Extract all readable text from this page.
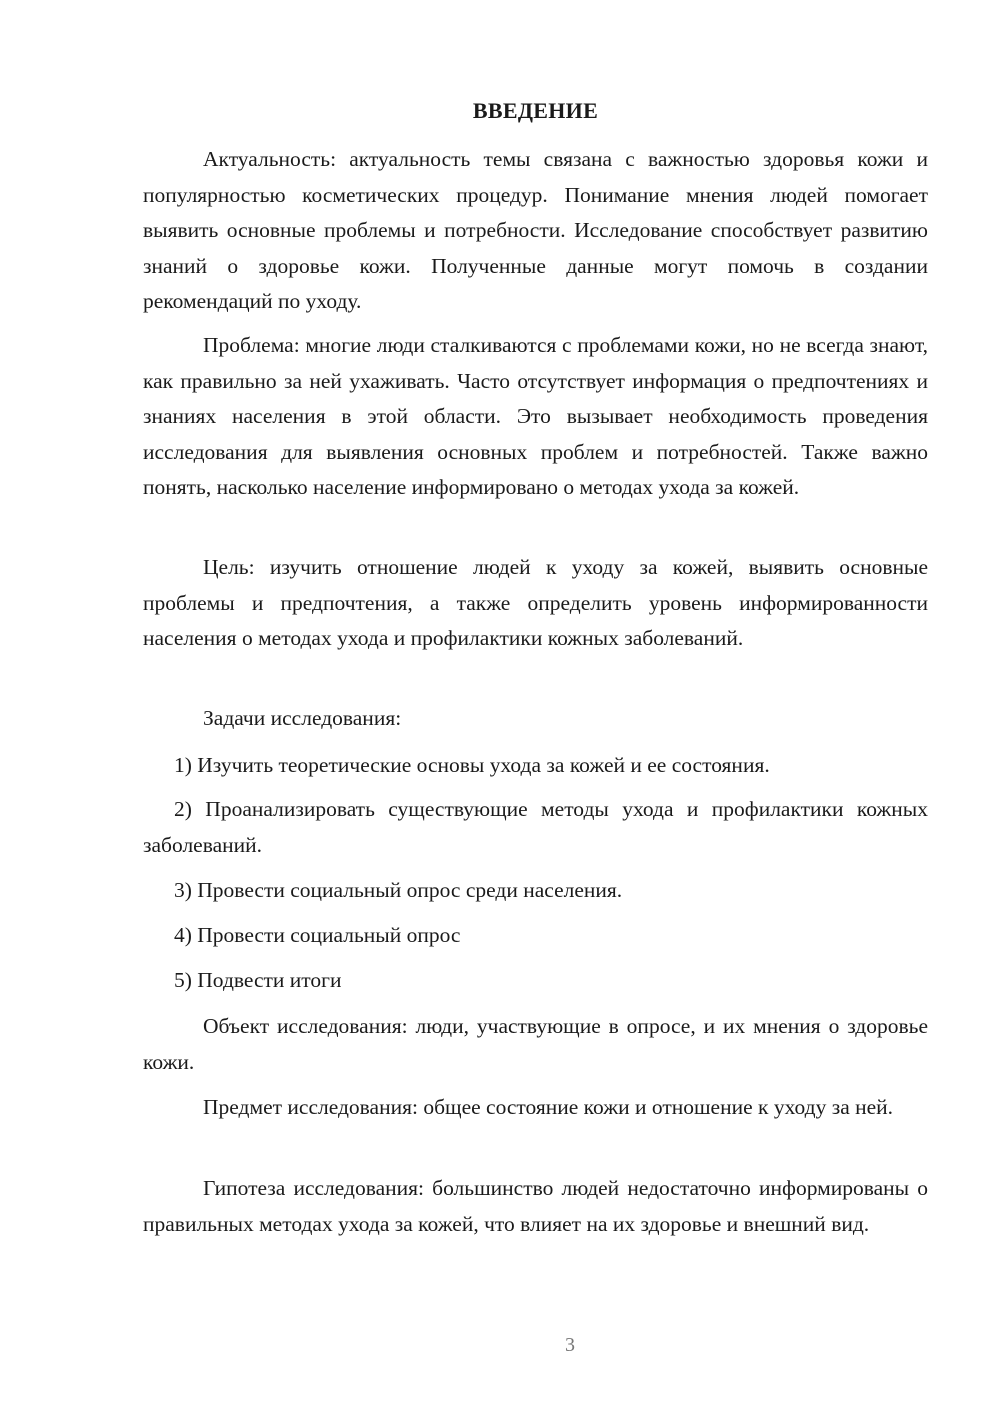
ВВЕДЕНИЕ

Актуальность: актуальность темы связана с важностью здоровья кожи и популярностью косметических процедур. Понимание мнения людей помогает выявить основные проблемы и потребности. Исследование способствует развитию знаний о здоровье кожи. Полученные данные могут помочь в создании рекомендаций по уходу.

Проблема: многие люди сталкиваются с проблемами кожи, но не всегда знают, как правильно за ней ухаживать. Часто отсутствует информация о предпочтениях и знаниях населения в этой области. Это вызывает необходимость проведения исследования для выявления основных проблем и потребностей. Также важно понять, насколько население информировано о методах ухода за кожей.

Цель: изучить отношение людей к уходу за кожей, выявить основные проблемы и предпочтения, а также определить уровень информированности населения о методах ухода и профилактики кожных заболеваний.

Задачи исследования:

1) Изучить теоретические основы ухода за кожей и ее состояния.

2) Проанализировать существующие методы ухода и профилактики кожных заболеваний.

3) Провести социальный опрос среди населения.

4) Провести социальный опрос

5) Подвести итоги

Объект исследования: люди, участвующие в опросе, и их мнения о здоровье кожи.

Предмет исследования: общее состояние кожи и отношение к уходу за ней.

Гипотеза исследования: большинство людей недостаточно информированы о правильных методах ухода за кожей, что влияет на их здоровье и внешний вид.

3
